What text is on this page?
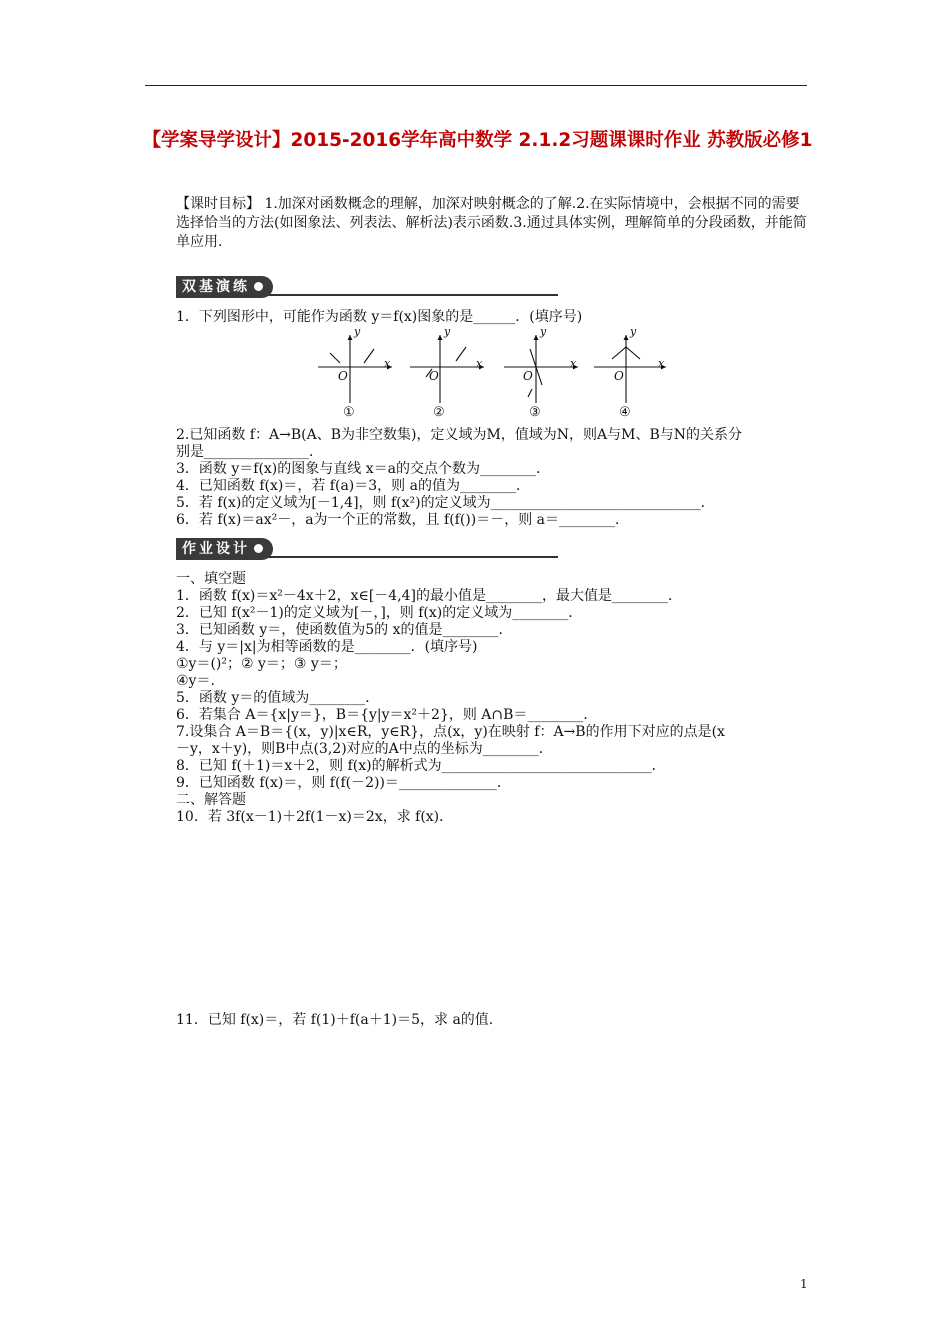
【学案导学设计】2015-2016学年高中数学 2.1.2习题课课时作业 苏教版必修1
【课时目标】 1.加深对函数概念的理解，加深对映射概念的了解.2.在实际情境中，会根据不同的需要选择恰当的方法(如图象法、列表法、解析法)表示函数.3.通过具体实例，理解简单的分段函数，并能简单应用.
双基演练
1．下列图形中，可能作为函数 y＝f(x)图象的是______．(填序号)
y
x
O
y
x
O
y
x
O
y
x
O
①	②	③	④
2.已知函数 f：A→B(A、B为非空数集)，定义域为M，值域为N，则A与M、B与N的关系分
别是_______________．
3．函数 y＝f(x)的图象与直线 x＝a的交点个数为________．
4．已知函数 f(x)＝，若 f(a)＝3，则 a的值为________．
5．若 f(x)的定义域为[－1,4]，则 f(x²)的定义域为______________________________．
6．若 f(x)＝ax²－，a为一个正的常数，且 f(f())＝－，则 a＝________．
作业设计
一、填空题
1．函数 f(x)＝x²－4x＋2，x∈[－4,4]的最小值是________，最大值是________．
2．已知 f(x²－1)的定义域为[－，]，则 f(x)的定义域为________．
3．已知函数 y＝，使函数值为5的 x的值是________．
4．与 y＝|x|为相等函数的是________．(填序号)
①y＝()²；② y＝；③ y＝；
④y＝.
5．函数 y＝的值域为________．
6．若集合 A＝{x|y＝}，B＝{y|y＝x²＋2}，则 A∩B＝________．
7.设集合 A＝B＝{(x，y)|x∈R，y∈R}，点(x，y)在映射 f：A→B的作用下对应的点是(x
－y，x＋y)，则B中点(3,2)对应的A中点的坐标为________．
8．已知 f(＋1)＝x＋2，则 f(x)的解析式为______________________________．
9．已知函数 f(x)＝，则 f(f(－2))＝______________．
二、解答题
10．若 3f(x－1)＋2f(1－x)＝2x，求 f(x)．
11．已知 f(x)＝，若 f(1)＋f(a＋1)＝5，求 a的值.
1
